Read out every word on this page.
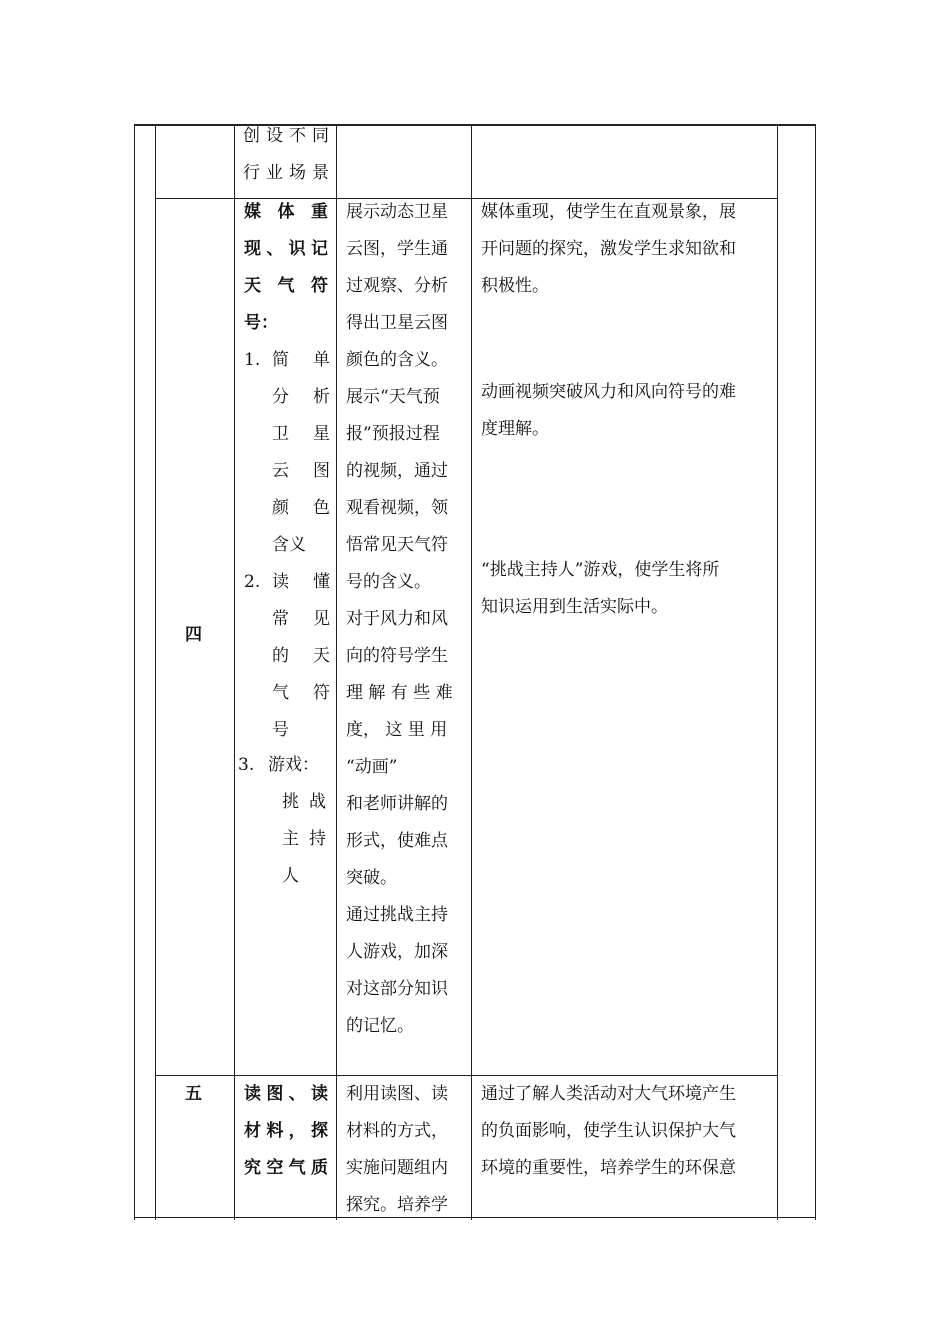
创 设 不 同
行 业 场 景
四
媒 体 重
现 、 识 记
天 气 符
号：
1. 简 单
分 析
卫 星
云 图
颜 色
含义
2. 读 懂
常 见
的 天
气 符
号
3. 游戏：
挑 战
主 持
人
展示动态卫星
云图，学生通
过观察、分析
得出卫星云图
颜色的含义。
展示“天气预
报”预报过程
的视频，通过
观看视频，领
悟常见天气符
号的含义。
对于风力和风
向的符号学生
理 解 有 些 难
度， 这 里 用
“动画”
和老师讲解的
形式，使难点
突破。
通过挑战主持
人游戏，加深
对这部分知识
的记忆。
媒体重现，使学生在直观景象，展
开问题的探究，激发学生求知欲和
积极性。
动画视频突破风力和风向符号的难
度理解。
“挑战主持人”游戏，使学生将所
知识运用到生活实际中。
五 读 图 、 读
材 料 ， 探
究 空 气 质
利用读图、读
材料的方式，
实施问题组内
探究。培养学
通过了解人类活动对大气环境产生
的负面影响，使学生认识保护大气
环境的重要性，培养学生的环保意
